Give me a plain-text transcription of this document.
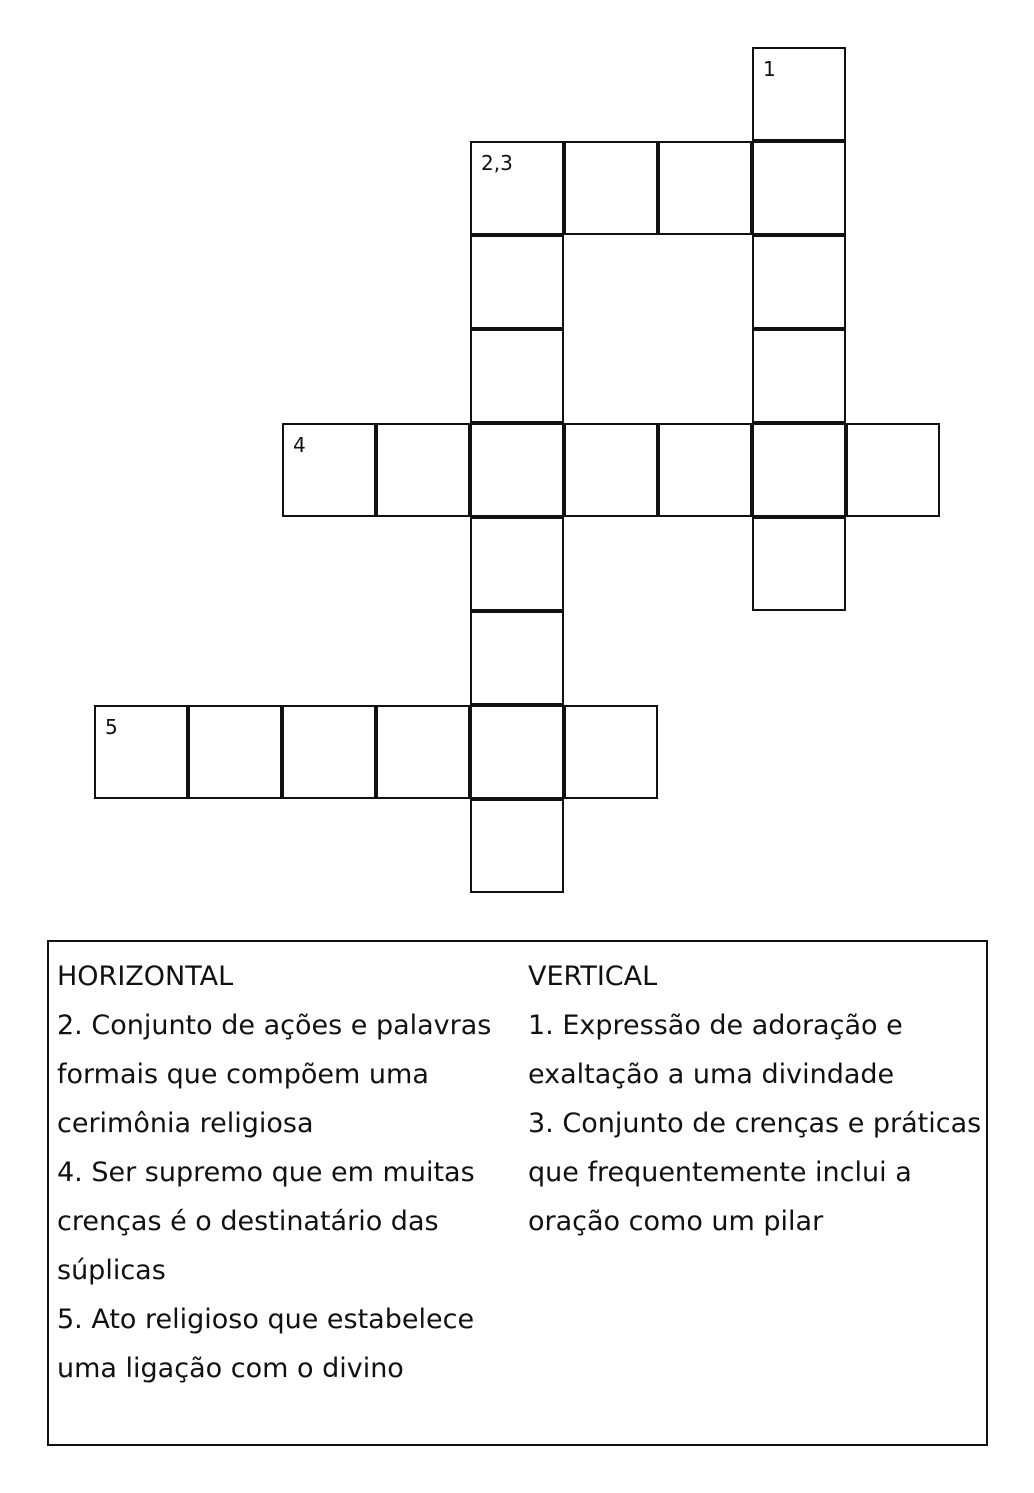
1
2,3
4
5
HORIZONTAL
2. Conjunto de ações e palavras
formais que compõem uma
cerimônia religiosa
4. Ser supremo que em muitas
crenças é o destinatário das
súplicas
5. Ato religioso que estabelece
uma ligação com o divino
VERTICAL
1. Expressão de adoração e
exaltação a uma divindade
3. Conjunto de crenças e práticas
que frequentemente inclui a
oração como um pilar
